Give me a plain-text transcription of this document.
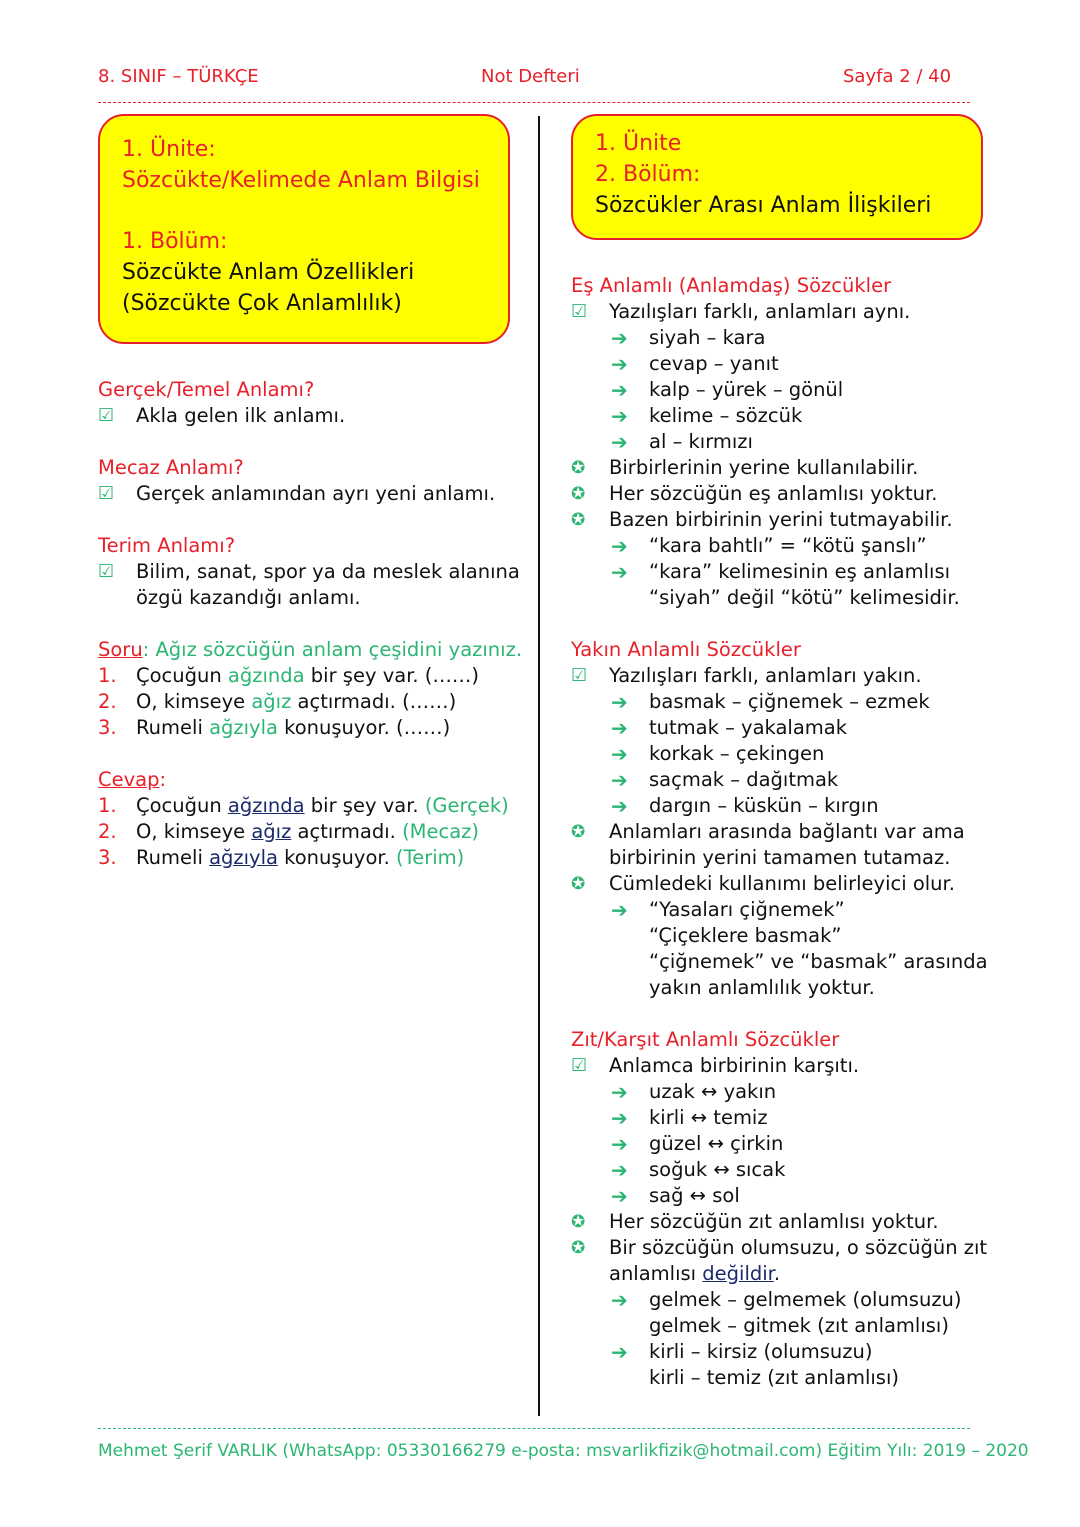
8. SINIF – TÜRKÇE	Not Defteri	Sayfa 2 / 40
1. Ünite:
Sözcükte/Kelimede Anlam Bilgisi
1. Bölüm:
Sözcükte Anlam Özellikleri
(Sözcükte Çok Anlamlılık)
1. Ünite
2. Bölüm:
Sözcükler Arası Anlam İlişkileri
Gerçek/Temel Anlamı?
☑	Akla gelen ilk anlamı.
Mecaz Anlamı?
☑	Gerçek anlamından ayrı yeni anlamı.
Terim Anlamı?
☑	Bilim, sanat, spor ya da meslek alanına
özgü kazandığı anlamı.
Soru: Ağız sözcüğün anlam çeşidini yazınız.
1. Çocuğun ağzında bir şey var. (……)
2. O, kimseye ağız açtırmadı. (……)
3. Rumeli ağzıyla konuşuyor. (……)
Cevap:
1. Çocuğun ağzında bir şey var. (Gerçek)
2. O, kimseye ağız açtırmadı. (Mecaz)
3. Rumeli ağzıyla konuşuyor. (Terim)
Eş Anlamlı (Anlamdaş) Sözcükler
☑	Yazılışları farklı, anlamları aynı.
➔ siyah – kara
➔ cevap – yanıt
➔ kalp – yürek – gönül
➔ kelime – sözcük
➔ al – kırmızı
✪	Birbirlerinin yerine kullanılabilir.
✪	Her sözcüğün eş anlamlısı yoktur.
✪	Bazen birbirinin yerini tutmayabilir.
➔ “kara bahtlı” = “kötü şanslı”
➔ “kara” kelimesinin eş anlamlısı
“siyah” değil “kötü” kelimesidir.
Yakın Anlamlı Sözcükler
☑	Yazılışları farklı, anlamları yakın.
➔ basmak – çiğnemek – ezmek
➔ tutmak – yakalamak
➔ korkak – çekingen
➔ saçmak – dağıtmak
➔ dargın – küskün – kırgın
✪	Anlamları arasında bağlantı var ama
birbirinin yerini tamamen tutamaz.
✪	Cümledeki kullanımı belirleyici olur.
➔ “Yasaları çiğnemek”
“Çiçeklere basmak”
“çiğnemek” ve “basmak” arasında
yakın anlamlılık yoktur.
Zıt/Karşıt Anlamlı Sözcükler
☑	Anlamca birbirinin karşıtı.
➔ uzak ↔ yakın
➔ kirli ↔ temiz
➔ güzel ↔ çirkin
➔ soğuk ↔ sıcak
➔ sağ ↔ sol
✪	Her sözcüğün zıt anlamlısı yoktur.
✪	Bir sözcüğün olumsuzu, o sözcüğün zıt
anlamlısı değildir.
➔ gelmek – gelmemek (olumsuzu)
gelmek – gitmek (zıt anlamlısı)
➔ kirli – kirsiz (olumsuzu)
kirli – temiz (zıt anlamlısı)
Mehmet Şerif VARLIK (WhatsApp: 05330166279 e-posta: msvarlikfizik@hotmail.com) Eğitim Yılı: 2019 – 2020
